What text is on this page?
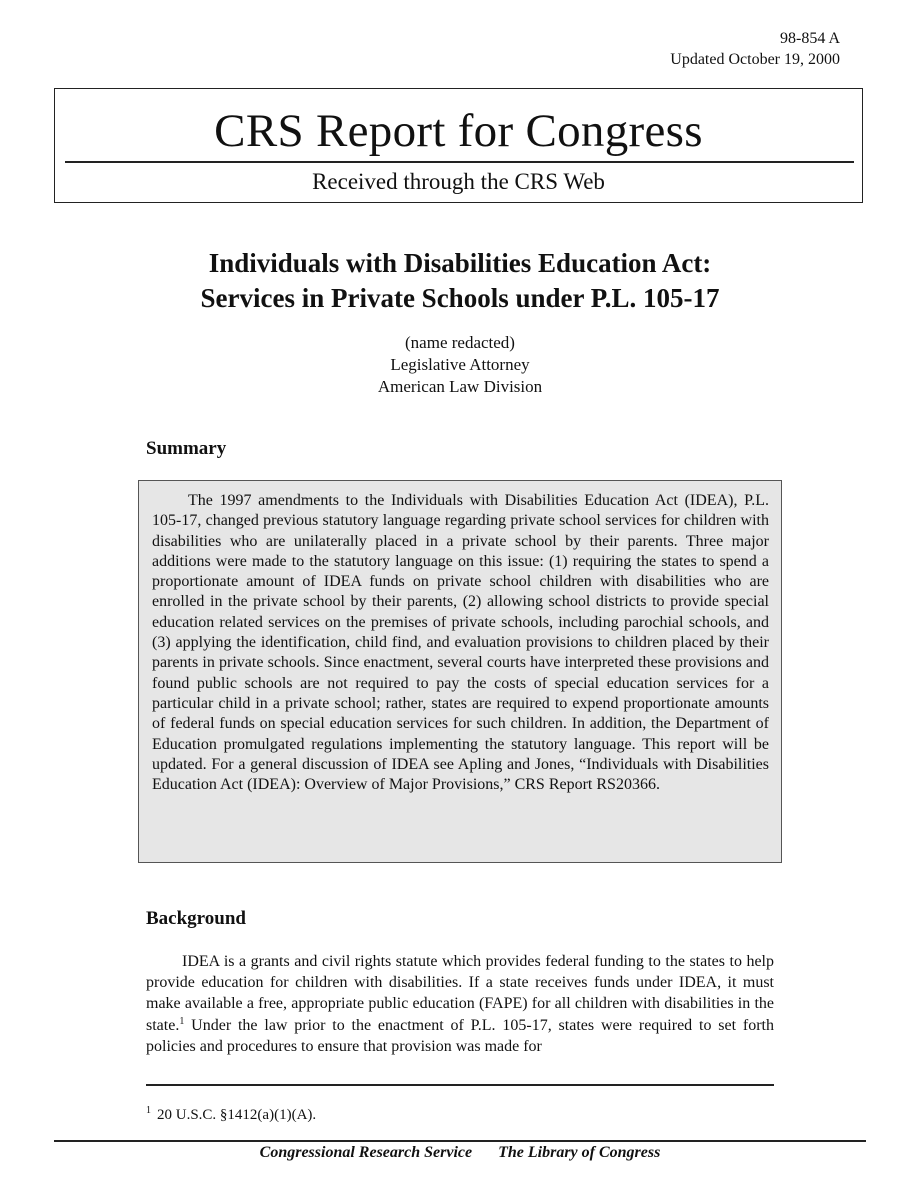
98-854 A
Updated October 19, 2000
CRS Report for Congress
Received through the CRS Web
Individuals with Disabilities Education Act:
Services in Private Schools under P.L. 105-17
(name redacted)
Legislative Attorney
American Law Division
Summary

The 1997 amendments to the Individuals with Disabilities Education Act (IDEA), P.L. 105-17, changed previous statutory language regarding private school services for children with disabilities who are unilaterally placed in a private school by their parents. Three major additions were made to the statutory language on this issue: (1) requiring the states to spend a proportionate amount of IDEA funds on private school children with disabilities who are enrolled in the private school by their parents, (2) allowing school districts to provide special education related services on the premises of private schools, including parochial schools, and (3) applying the identification, child find, and evaluation provisions to children placed by their parents in private schools. Since enactment, several courts have interpreted these provisions and found public schools are not required to pay the costs of special education services for a particular child in a private school; rather, states are required to expend proportionate amounts of federal funds on special education services for such children. In addition, the Department of Education promulgated regulations implementing the statutory language. This report will be updated. For a general discussion of IDEA see Apling and Jones, “Individuals with Disabilities Education Act (IDEA): Overview of Major Provisions,” CRS Report RS20366.

Background

IDEA is a grants and civil rights statute which provides federal funding to the states to help provide education for children with disabilities. If a state receives funds under IDEA, it must make available a free, appropriate public education (FAPE) for all children with disabilities in the state.$^1$ Under the law prior to the enactment of P.L. 105-17, states were required to set forth policies and procedures to ensure that provision was made for

$^1$ 20 U.S.C. §1412(a)(1)(A).
Congressional Research Service The Library of Congress
